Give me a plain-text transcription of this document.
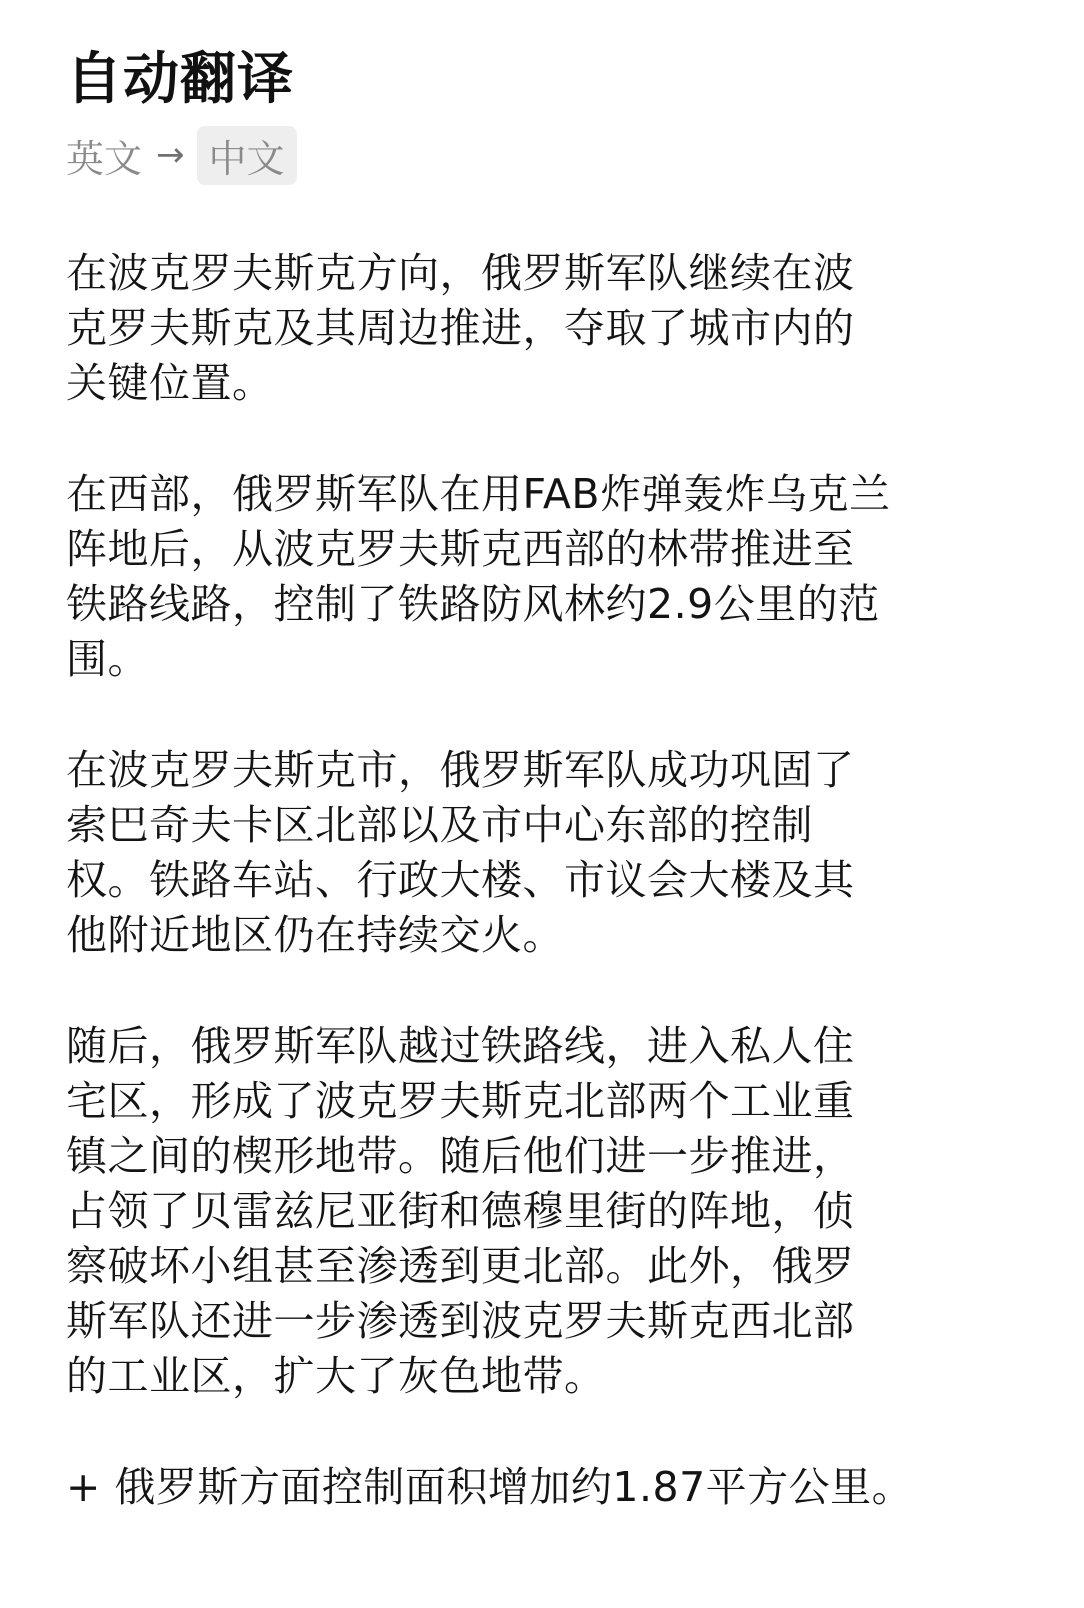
自动翻译
英文 → 中文

在波克罗夫斯克方向，俄罗斯军队继续在波
克罗夫斯克及其周边推进，夺取了城市内的
关键位置。

在西部，俄罗斯军队在用FAB炸弹轰炸乌克兰
阵地后，从波克罗夫斯克西部的林带推进至
铁路线路，控制了铁路防风林约2.9公里的范
围。

在波克罗夫斯克市，俄罗斯军队成功巩固了
索巴奇夫卡区北部以及市中心东部的控制
权。铁路车站、行政大楼、市议会大楼及其
他附近地区仍在持续交火。

随后，俄罗斯军队越过铁路线，进入私人住
宅区，形成了波克罗夫斯克北部两个工业重
镇之间的楔形地带。随后他们进一步推进，
占领了贝雷兹尼亚街和德穆里街的阵地，侦
察破坏小组甚至渗透到更北部。此外，俄罗
斯军队还进一步渗透到波克罗夫斯克西北部
的工业区，扩大了灰色地带。

+ 俄罗斯方面控制面积增加约1.87平方公里。
